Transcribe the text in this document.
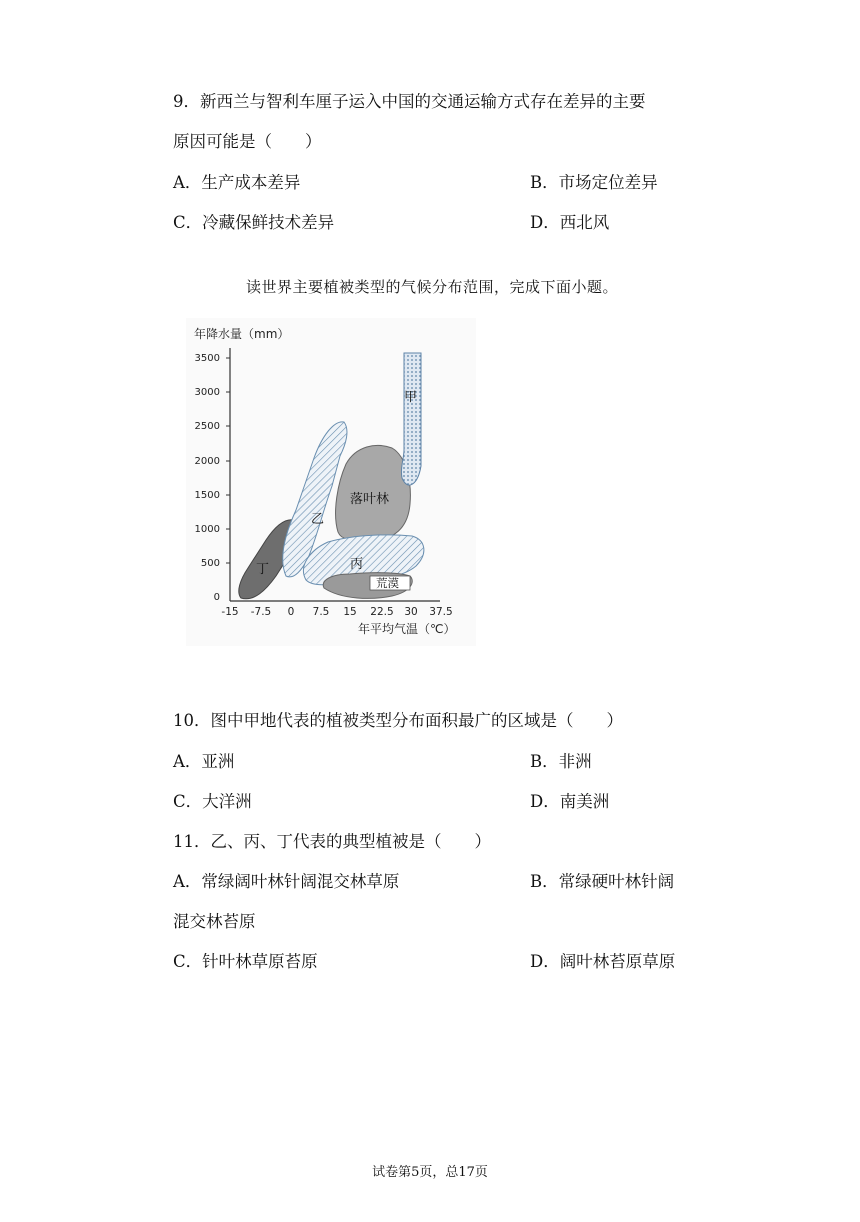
9．新西兰与智利车厘子运入中国的交通运输方式存在差异的主要
原因可能是（　　）
A．生产成本差异	B．市场定位差异
C．冷藏保鲜技术差异	D．西北风
读世界主要植被类型的气候分布范围，完成下面小题。
3500
3000
2500
2000
1500
1000
500
0
-15 -7.5 0 7.5 15 22.5 30 37.5
年降水量（mm）
年平均气温（℃）
甲
乙
落叶林
丙
丁
荒漠
10．图中甲地代表的植被类型分布面积最广的区域是（　　）
A．亚洲	B．非洲
C．大洋洲	D．南美洲
11．乙、丙、丁代表的典型植被是（　　）
A．常绿阔叶林针阔混交林草原	B．常绿硬叶林针阔
混交林苔原
C．针叶林草原苔原	D．阔叶林苔原草原
试卷第5页，总17页
